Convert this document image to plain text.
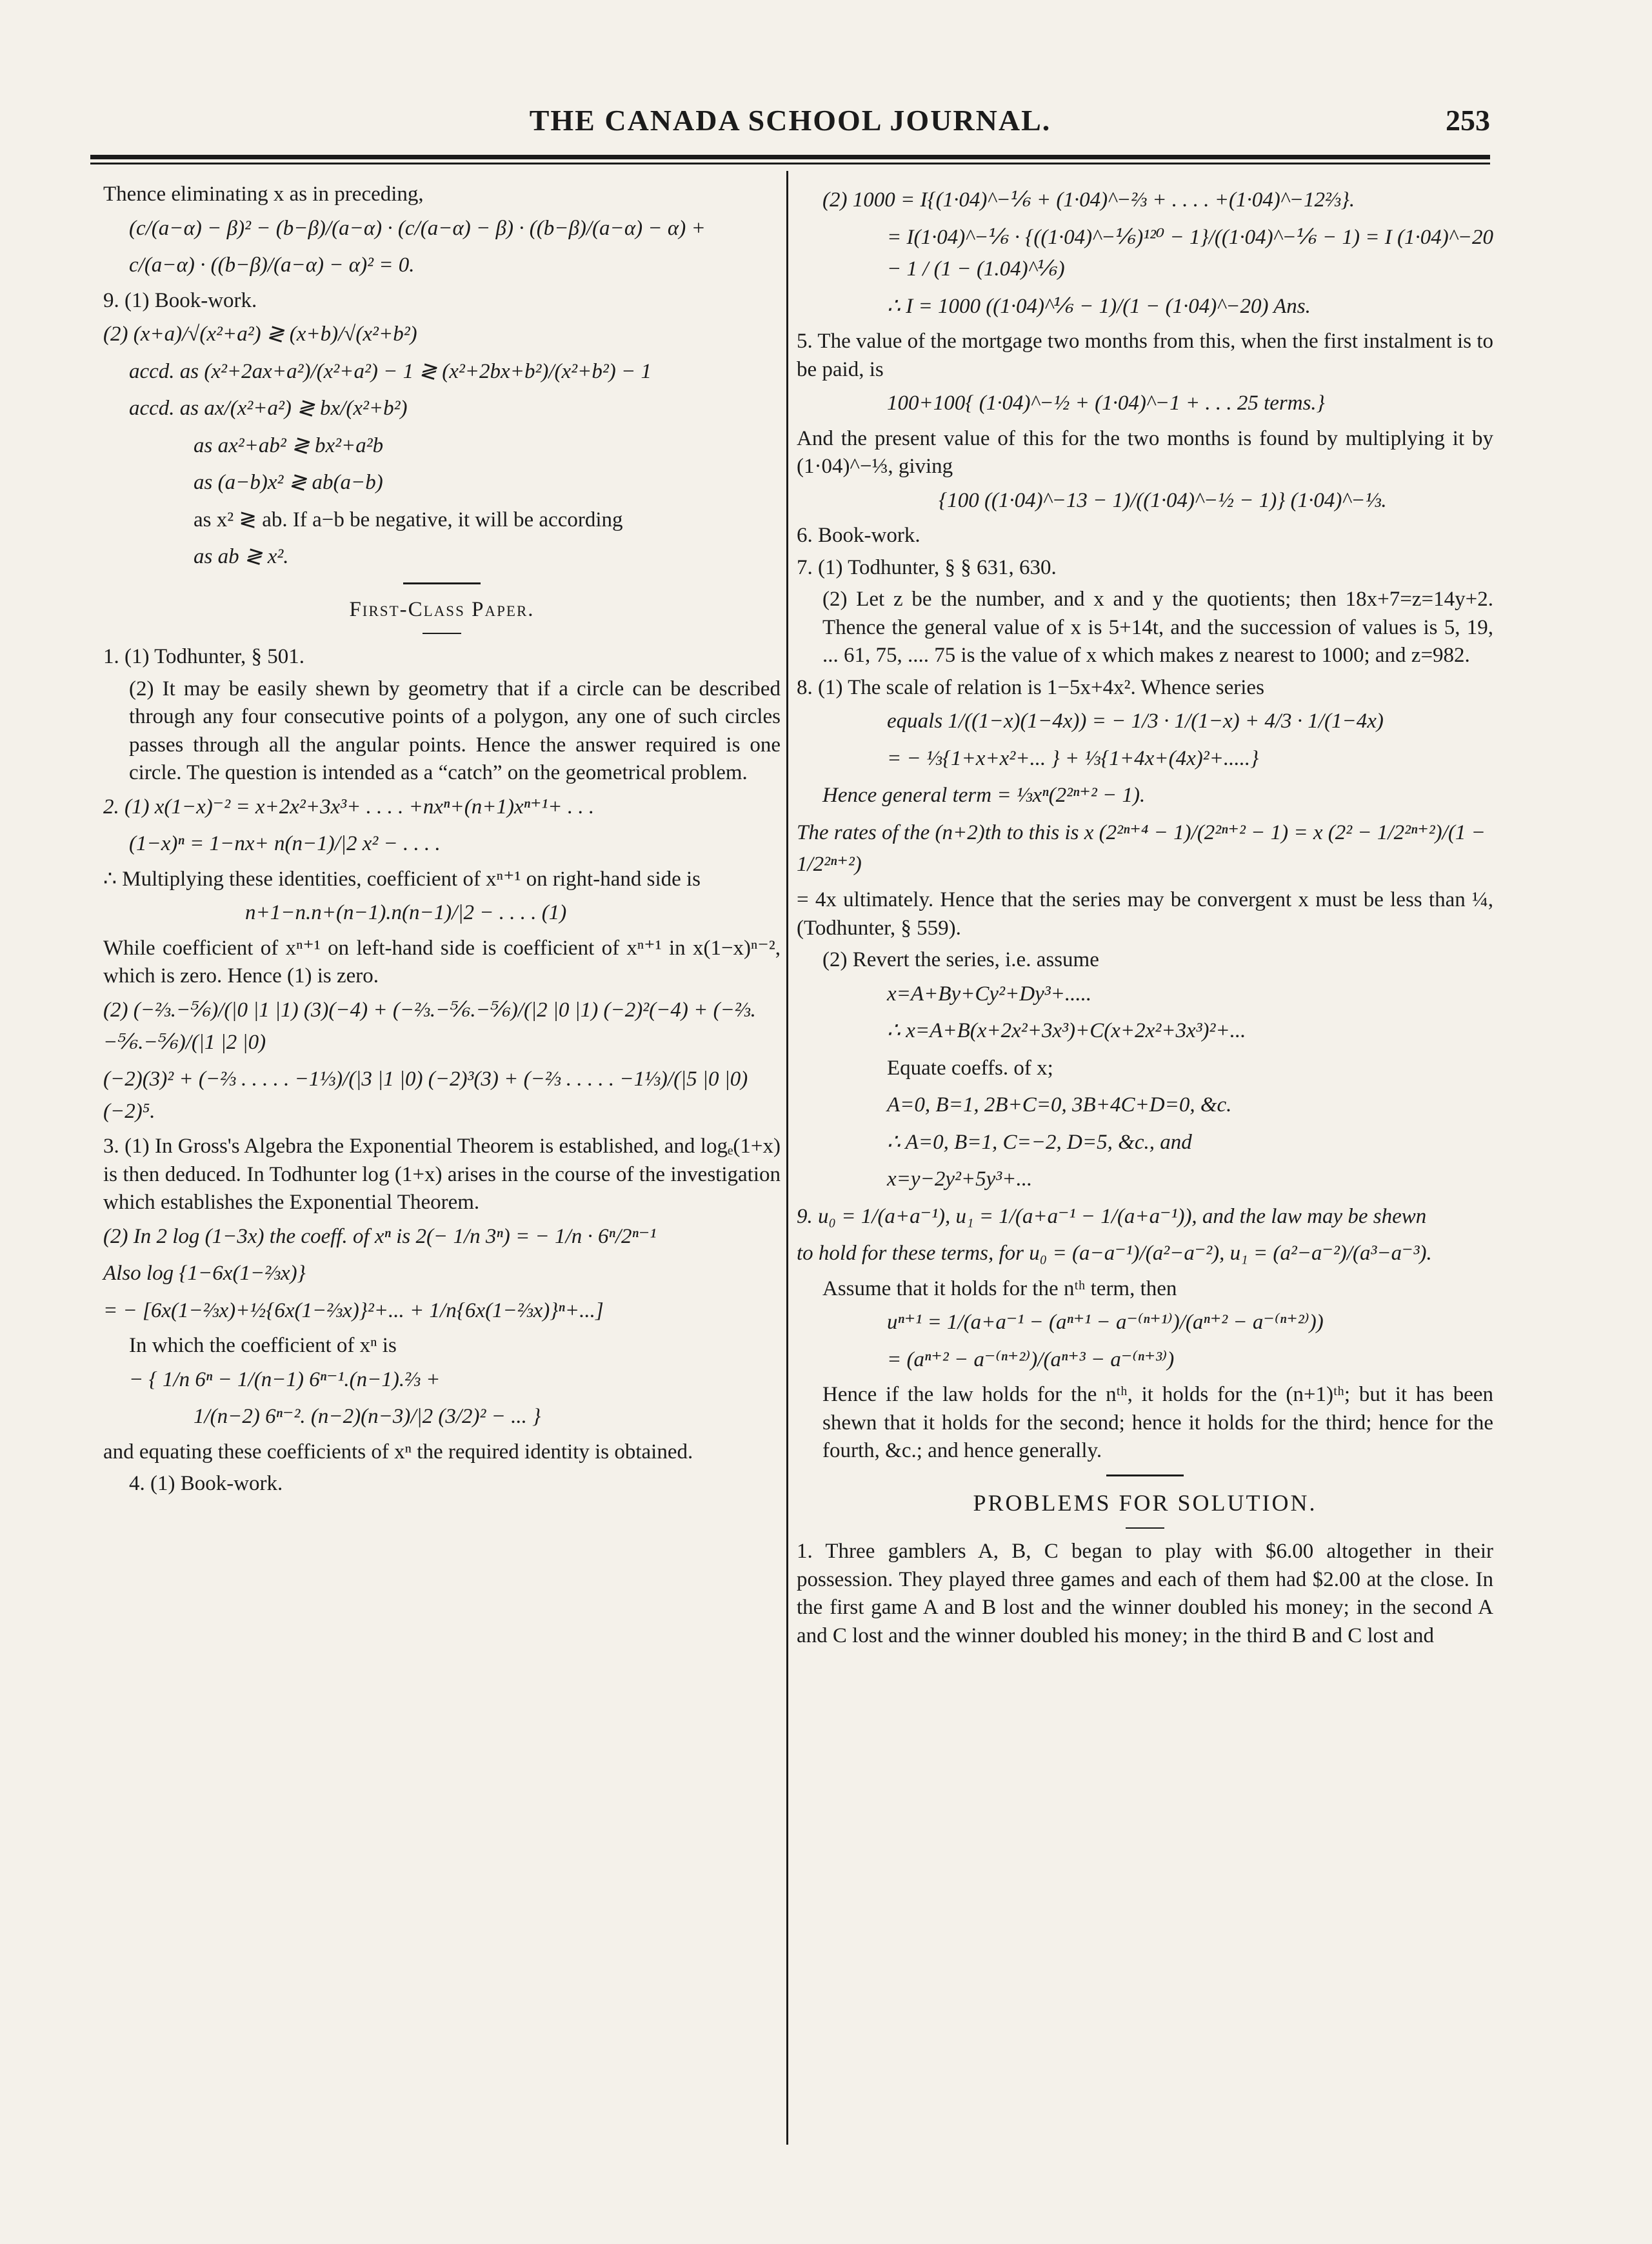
THE CANADA SCHOOL JOURNAL.	253
Thence eliminating x as in preceding,
(c/(a−α) − β)² − (b−β)/(a−α) · (c/(a−α) − β) · ((b−β)/(a−α) − α) +
c/(a−α) · ((b−β)/(a−α) − α)² = 0.
9. (1) Book-work.
(2) (x+a)/√(x²+a²) ≷ (x+b)/√(x²+b²)
accd. as (x²+2ax+a²)/(x²+a²) − 1 ≷ (x²+2bx+b²)/(x²+b²) − 1
accd. as ax/(x²+a²) ≷ bx/(x²+b²)
as ax²+ab² ≷ bx²+a²b
as (a−b)x² ≷ ab(a−b)
as x² ≷ ab. If a−b be negative, it will be according
as ab ≷ x².
First-Class Paper.
1. (1) Todhunter, § 501.
(2) It may be easily shewn by geometry that if a circle can be described through any four consecutive points of a polygon, any one of such circles passes through all the angular points. Hence the answer required is one circle. The question is intended as a “catch” on the geometrical problem.
2. (1) x(1−x)⁻² = x+2x²+3x³+ . . . . +nxⁿ+(n+1)xⁿ⁺¹+ . . .
(1−x)ⁿ = 1−nx+ n(n−1)/|2 x² − . . . .
∴ Multiplying these identities, coefficient of xⁿ⁺¹ on right-hand side is
n+1−n.n+(n−1).n(n−1)/|2 − . . . . (1)
While coefficient of xⁿ⁺¹ on left-hand side is coefficient of xⁿ⁺¹ in x(1−x)ⁿ⁻², which is zero. Hence (1) is zero.
(2) (−⅔.−⅚)/(|0 |1 |1) (3)(−4) + (−⅔.−⅚.−⅚)/(|2 |0 |1) (−2)²(−4) + (−⅔.−⅚.−⅚)/(|1 |2 |0)
(−2)(3)² + (−⅔ . . . . . −1⅓)/(|3 |1 |0) (−2)³(3) + (−⅔ . . . . . −1⅓)/(|5 |0 |0) (−2)⁵.
3. (1) In Gross's Algebra the Exponential Theorem is established, and logₑ(1+x) is then deduced. In Todhunter log (1+x) arises in the course of the investigation which establishes the Exponential Theorem.
(2) In 2 log (1−3x) the coeff. of xⁿ is 2(− 1/n 3ⁿ) = − 1/n · 6ⁿ/2ⁿ⁻¹
Also log {1−6x(1−⅔x)}
= − [6x(1−⅔x)+½{6x(1−⅔x)}²+... + 1/n{6x(1−⅔x)}ⁿ+...]
In which the coefficient of xⁿ is
− { 1/n 6ⁿ − 1/(n−1) 6ⁿ⁻¹.(n−1).⅔ +
1/(n−2) 6ⁿ⁻². (n−2)(n−3)/|2 (3/2)² − ... }
and equating these coefficients of xⁿ the required identity is obtained.
4. (1) Book-work.
(2) 1000 = I{(1·04)^−⅙ + (1·04)^−⅔ + . . . . +(1·04)^−12⅔}.
= I(1·04)^−⅙ · {((1·04)^−⅙)¹²⁰ − 1}/((1·04)^−⅙ − 1) = I (1·04)^−20 − 1 / (1 − (1.04)^⅙)
∴ I = 1000 ((1·04)^⅙ − 1)/(1 − (1·04)^−20) Ans.
5. The value of the mortgage two months from this, when the first instalment is to be paid, is
100+100{ (1·04)^−½ + (1·04)^−1 + . . . 25 terms.}
And the present value of this for the two months is found by multiplying it by (1·04)^−⅓, giving
{100 ((1·04)^−13 − 1)/((1·04)^−½ − 1)} (1·04)^−⅓.
6. Book-work.
7. (1) Todhunter, § § 631, 630.
(2) Let z be the number, and x and y the quotients; then 18x+7=z=14y+2. Thence the general value of x is 5+14t, and the succession of values is 5, 19, ... 61, 75, .... 75 is the value of x which makes z nearest to 1000; and z=982.
8. (1) The scale of relation is 1−5x+4x². Whence series
equals 1/((1−x)(1−4x)) = − 1/3 · 1/(1−x) + 4/3 · 1/(1−4x)
= − ⅓{1+x+x²+... } + ⅓{1+4x+(4x)²+.....}
Hence general term = ⅓xⁿ(2²ⁿ⁺² − 1).
The rates of the (n+2)th to this is x (2²ⁿ⁺⁴ − 1)/(2²ⁿ⁺² − 1) = x (2² − 1/2²ⁿ⁺²)/(1 − 1/2²ⁿ⁺²)
= 4x ultimately. Hence that the series may be convergent x must be less than ¼, (Todhunter, § 559).
(2) Revert the series, i.e. assume
x=A+By+Cy²+Dy³+.....
∴ x=A+B(x+2x²+3x³)+C(x+2x²+3x³)²+...
Equate coeffs. of x;
A=0, B=1, 2B+C=0, 3B+4C+D=0, &c.
∴ A=0, B=1, C=−2, D=5, &c., and
x=y−2y²+5y³+...
9. u₀ = 1/(a+a⁻¹), u₁ = 1/(a+a⁻¹ − 1/(a+a⁻¹)), and the law may be shewn
to hold for these terms, for u₀ = (a−a⁻¹)/(a²−a⁻²), u₁ = (a²−a⁻²)/(a³−a⁻³).
Assume that it holds for the nᵗʰ term, then
uⁿ⁺¹ = 1/(a+a⁻¹ − (aⁿ⁺¹ − a⁻⁽ⁿ⁺¹⁾)/(aⁿ⁺² − a⁻⁽ⁿ⁺²⁾))
= (aⁿ⁺² − a⁻⁽ⁿ⁺²⁾)/(aⁿ⁺³ − a⁻⁽ⁿ⁺³⁾)
Hence if the law holds for the nᵗʰ, it holds for the (n+1)ᵗʰ; but it has been shewn that it holds for the second; hence it holds for the third; hence for the fourth, &c.; and hence generally.
PROBLEMS FOR SOLUTION.
1. Three gamblers A, B, C began to play with $6.00 altogether in their possession. They played three games and each of them had $2.00 at the close. In the first game A and B lost and the winner doubled his money; in the second A and C lost and the winner doubled his money; in the third B and C lost and
